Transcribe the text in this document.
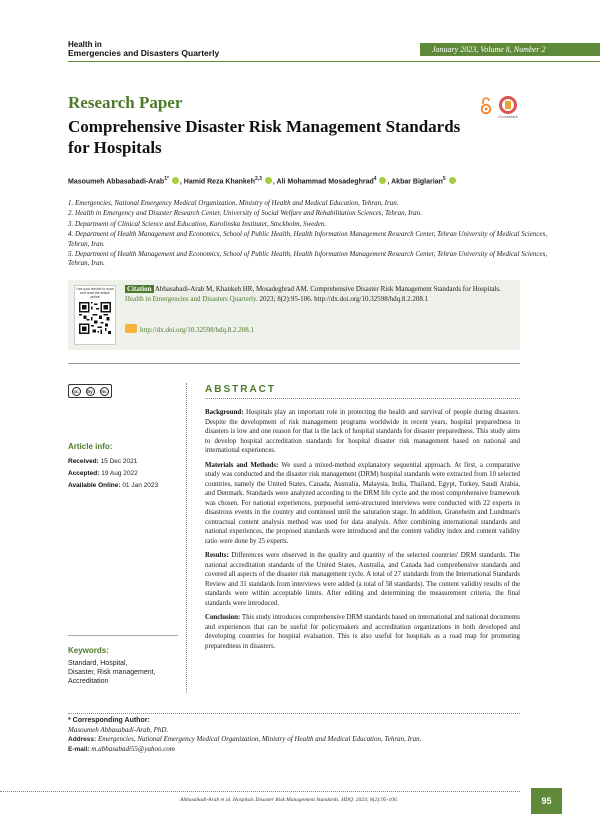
Health in
Emergencies and Disasters Quarterly	January 2023, Volume 8, Number 2
Research Paper
Comprehensive Disaster Risk Management Standards for Hospitals
CrossMark
Masoumeh Abbasabadi-Arab$^{1*}$ , Hamid Reza Khankeh$^{2,3}$ , Ali Mohammad Mosadeghrad$^4$ , Akbar Biglarian$^5$
1. Emergencies, National Emergency Medical Organization, Ministry of Health and Medical Education, Tehran, Iran.
2. Health in Emergency and Disaster Research Center, University of Social Welfare and Rehabilitation Sciences, Tehran, Iran.
3. Department of Clinical Science and Education, Karolinska Institutet, Stockholm, Sweden.
4. Department of Health Management and Economics, School of Public Health, Health Information Management Research Center, Tehran University of Medical Sciences, Tehran, Iran.
5. Department of Health Management and Economics, School of Public Health, Health Information Management Research Center, Tehran University of Medical Sciences, Tehran, Iran.
Use your device to scan and read the article online
Citation Abbasabadi-Arab M, Khankeh HR, Mosadeghrad AM. Comprehensive Disaster Risk Management Standards for Hospitals. Health in Emergencies and Disasters Quarterly. 2023; 8(2):95-106. http://dx.doi.org/10.32598/hdq.8.2.208.1
http://dx.doi.org/10.32598/hdq.8.2.208.1
cc	by	nc
Article info:
Received: 15 Dec 2021
Accepted: 19 Aug 2022
Available Online: 01 Jan 2023
Keywords:
Standard, Hospital,
Disaster, Risk management,
Accreditation
ABSTRACT

Background: Hospitals play an important role in protecting the health and survival of people during disasters. Despite the development of risk management programs worldwide in recent years, hospital preparedness in disasters is low and one reason for that is the lack of hospital standards for disaster preparedness. This study aims to develop hospital accreditation standards for hospital disaster risk management based on national and international experiences.

Materials and Methods: We used a mixed-method explanatory sequential approach. At first, a comparative study was conducted and the disaster risk management (DRM) hospital standards were extracted from 10 selected countries, namely the United States, Canada, Australia, Malaysia, India, Thailand, Egypt, Turkey, Saudi Arabia, and Denmark. Standards were analyzed according to the DRM life cycle and the most comprehensive framework was chosen. For national experiences, purposeful semi-structured interviews were conducted with 22 experts in disastrous events in the country and continued until the saturation stage. In addition, Graneheim and Lundman's contractual content analysis method was used for data analysis. After combining international standards and national experiences, the proposed standards were introduced and the content validity index and content validity ratio were done by 25 experts.

Results: Differences were observed in the quality and quantity of the selected countries' DRM standards. The national accreditation standards of the United States, Australia, and Canada had comprehensive standards and covered all aspects of the disaster risk management cycle. A total of 27 standards from the International Standards Review and 31 standards from interviews were added (a total of 58 standards). The content validity results of the standards were within acceptable limits. After editing and determining the measurement criteria, the final standards were introduced.

Conclusion: This study introduces comprehensive DRM standards based on international and national documents and experiences that can be useful for policymakers and accreditation organizations in both developed and developing countries for hospital evaluation. This is also useful for hospitals as a road map for promoting preparedness in disasters.

* Corresponding Author:
Masoumeh Abbasabadi-Arab, PhD.
Address: Emergencies, National Emergency Medical Organization, Ministry of Health and Medical Education, Tehran, Iran.
E-mail: m.abbasabadi55@yahoo.com
Abbasabadi-Arab et al. Hospitals Disaster Risk Management Standards. HDQ. 2023; 8(2):95-106.	95
